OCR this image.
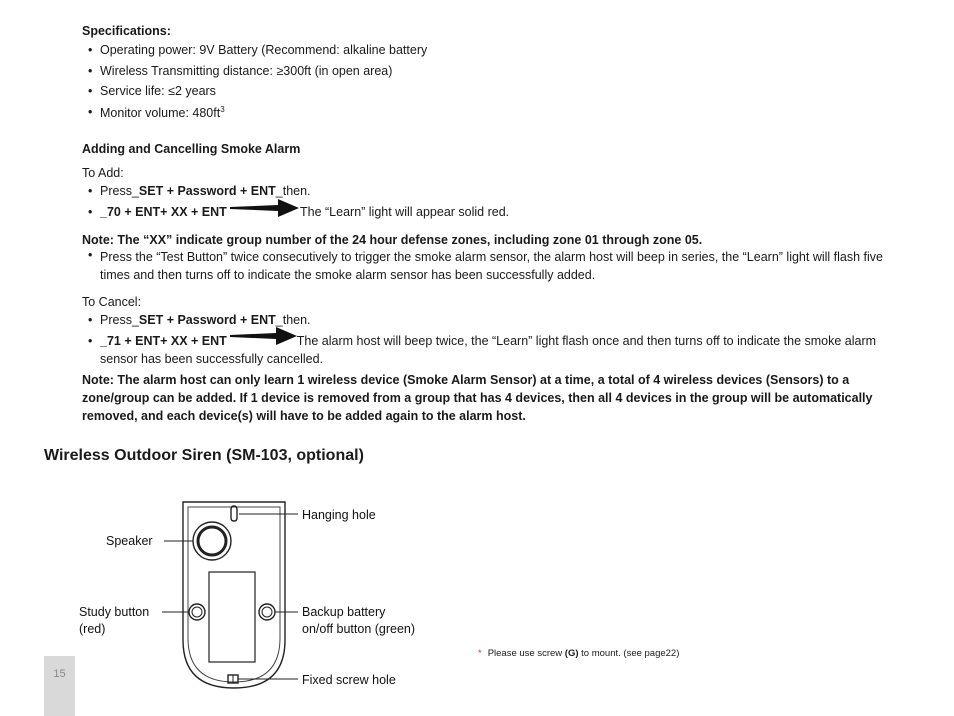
Specifications:
• Operating power: 9V Battery (Recommend: alkaline battery
• Wireless Transmitting distance: ≥300ft (in open area)
• Service life: ≤2 years
• Monitor volume: $480ft^3$
Adding and Cancelling Smoke Alarm
To Add:
• Press_SET + Password + ENT_then.
• _70 + ENT+ XX + ENT	The “Learn” light will appear solid red.
Note: The “XX” indicate group number of the 24 hour defense zones, including zone 01 through zone 05.
• Press the “Test Button” twice consecutively to trigger the smoke alarm sensor, the alarm host will beep in series, the “Learn” light will flash five times and then turns off to indicate the smoke alarm sensor has been successfully added.
To Cancel:
• Press_SET + Password + ENT_then.
• _71 + ENT+ XX + ENT	The alarm host will beep twice, the “Learn” light flash once and then turns off to indicate the smoke alarm sensor has been successfully cancelled.
Note: The alarm host can only learn 1 wireless device (Smoke Alarm Sensor) at a time, a total of 4 wireless devices (Sensors) to a zone/group can be added. If 1 device is removed from a group that has 4 devices, then all 4 devices in the group will be automatically removed, and each device(s) will have to be added again to the alarm host.
Wireless Outdoor Siren (SM-103, optional)
Hanging hole
Speaker
Study button
(red)
Backup battery
on/off button (green)
Fixed screw hole
* Please use screw (G) to mount. (see page22)
15
